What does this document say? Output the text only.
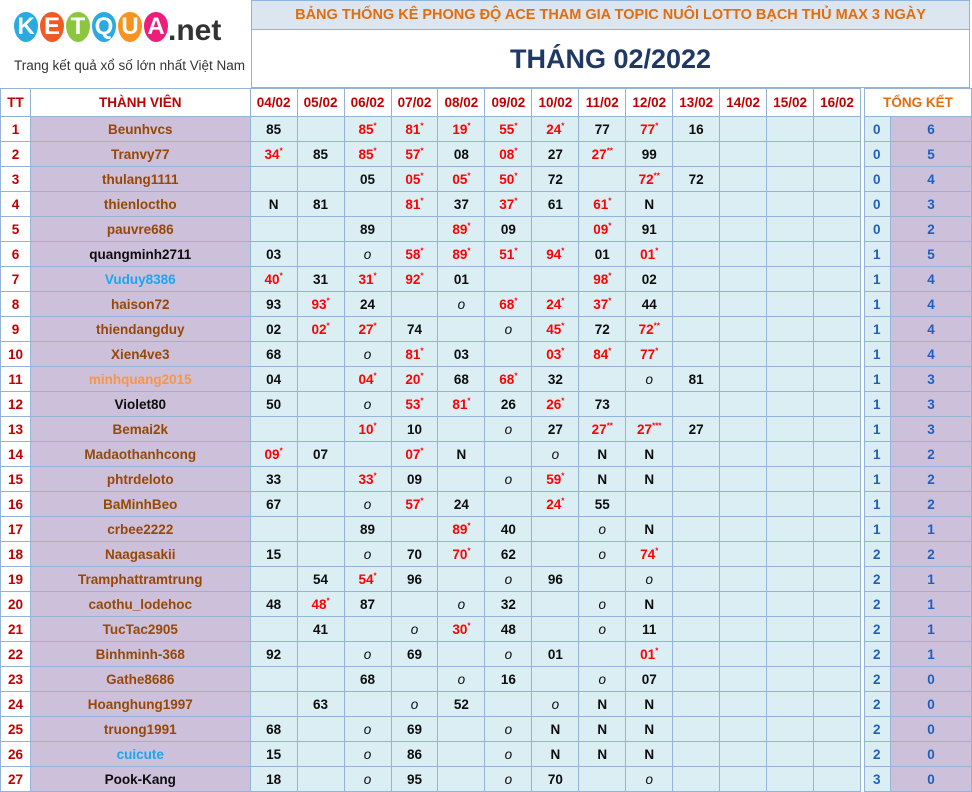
K E T Q U A .net
Trang kết quả xổ số lớn nhất Việt Nam
BẢNG THỐNG KÊ PHONG ĐỘ ACE THAM GIA TOPIC NUÔI LOTTO BẠCH THỦ MAX 3 NGÀY
THÁNG 02/2022
TT	THÀNH VIÊN	04/02	05/02	06/02	07/02	08/02	09/02	10/02	11/02	12/02	13/02	14/02	15/02	16/02		TỔNG KẾT	
1	Beunhvcs	85		85*	81*	19*	55*	24*	77	77*	16					0	6
2	Tranvy77	34*	85	85*	57*	08	08*	27	27**	99						0	5
3	thulang1111			05	05*	05*	50*	72		72**	72					0	4
4	thienloctho	N	81		81*	37	37*	61	61*	N						0	3
5	pauvre686			89		89*	09		09*	91						0	2
6	quangminh2711	03		o	58*	89*	51*	94*	01	01*						1	5
7	Vuduy8386	40*	31	31*	92*	01			98*	02						1	4
8	haison72	93	93*	24		o	68*	24*	37*	44						1	4
9	thiendangduy	02	02*	27*	74		o	45*	72	72**						1	4
10	Xien4ve3	68		o	81*	03		03*	84*	77*						1	4
11	minhquang2015	04		04*	20*	68	68*	32		o	81					1	3
12	Violet80	50		o	53*	81*	26	26*	73							1	3
13	Bemai2k			10*	10		o	27	27**	27***	27					1	3
14	Madaothanhcong	09*	07		07*	N		o	N	N						1	2
15	phtrdeloto	33		33*	09		o	59*	N	N						1	2
16	BaMinhBeo	67		o	57*	24		24*	55							1	2
17	crbee2222			89		89*	40		o	N						1	1
18	Naagasakii	15		o	70	70*	62		o	74*						2	2
19	Tramphattramtrung		54	54*	96		o	96		o						2	1
20	caothu_lodehoc	48	48*	87		o	32		o	N						2	1
21	TucTac2905		41		o	30*	48		o	11						2	1
22	Binhminh-368	92		o	69		o	01		01*						2	1
23	Gathe8686			68		o	16		o	07						2	0
24	Hoanghung1997		63		o	52		o	N	N						2	0
25	truong1991	68		o	69		o	N	N	N						2	0
26	cuicute	15		o	86		o	N	N	N						2	0
27	Pook-Kang	18		o	95		o	70		o						3	0
